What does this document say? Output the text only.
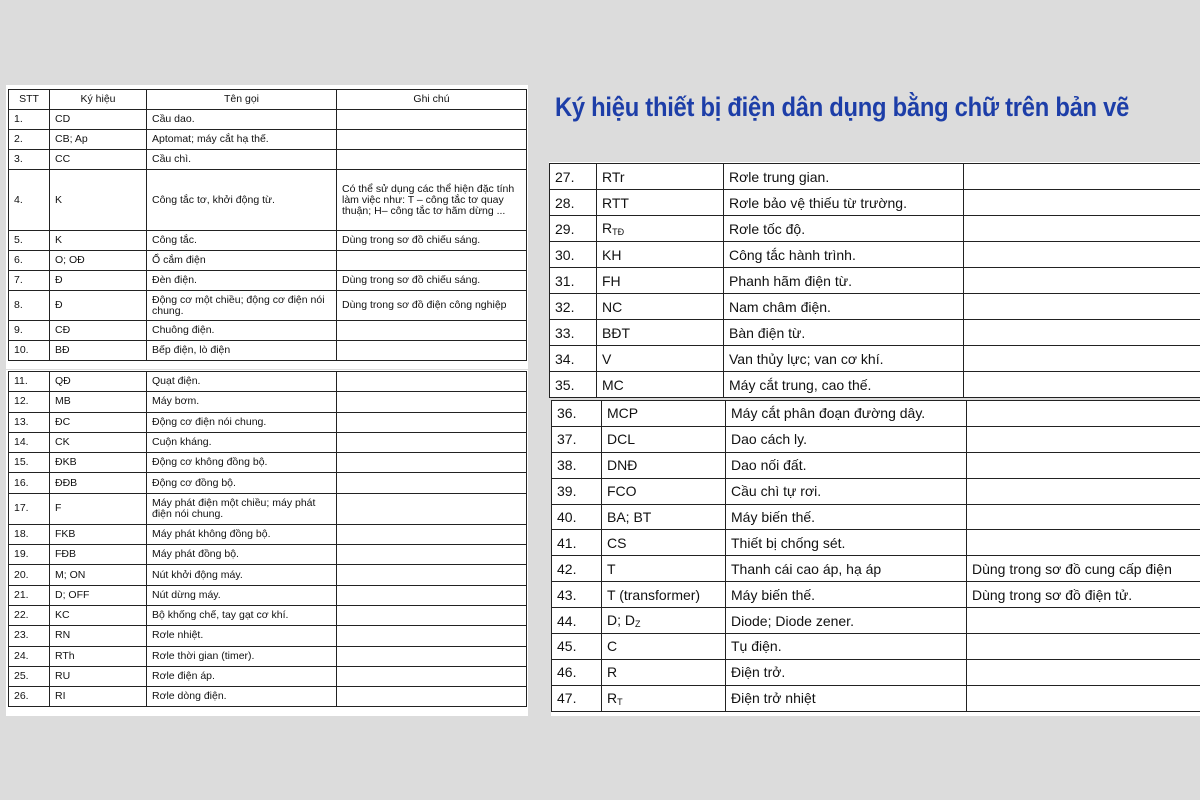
STT	Ký hiệu	Tên gọi	Ghi chú
1.	CD	Cầu dao.	
2.	CB; Ap	Aptomat; máy cắt hạ thế.	
3.	CC	Cầu chì.	
4.	K	Công tắc tơ, khởi động từ.	Có thể sử dụng các thể hiện đặc tính làm việc như: T – công tắc tơ quay thuận; H– công tắc tơ hãm dừng ...
5.	K	Công tắc.	Dùng trong sơ đồ chiếu sáng.
6.	O; OĐ	Ổ cắm điện	
7.	Đ	Đèn điện.	Dùng trong sơ đồ chiếu sáng.
8.	Đ	Động cơ một chiều; động cơ điện nói chung.	Dùng trong sơ đồ điện công nghiệp
9.	CĐ	Chuông điện.	
10.	BĐ	Bếp điện, lò điện	
11.	QĐ	Quạt điện.	
12.	MB	Máy bơm.	
13.	ĐC	Động cơ điện nói chung.	
14.	CK	Cuộn kháng.	
15.	ĐKB	Động cơ không đồng bộ.	
16.	ĐĐB	Động cơ đồng bộ.	
17.	F	Máy phát điện một chiều; máy phát điện nói chung.	
18.	FKB	Máy phát không đồng bộ.	
19.	FĐB	Máy phát đồng bộ.	
20.	M; ON	Nút khởi động máy.	
21.	D; OFF	Nút dừng máy.	
22.	KC	Bộ khống chế, tay gạt cơ khí.	
23.	RN	Rơle nhiệt.	
24.	RTh	Rơle thời gian (timer).	
25.	RU	Rơle điện áp.	
26.	RI	Rơle dòng điện.	
Ký hiệu thiết bị điện dân dụng bằng chữ trên bản vẽ
27.	RTr	Rơle trung gian.	
28.	RTT	Rơle bảo vệ thiếu từ trường.	
29.	$R_{TĐ}$	Rơle tốc độ.	
30.	KH	Công tắc hành trình.	
31.	FH	Phanh hãm điện từ.	
32.	NC	Nam châm điện.	
33.	BĐT	Bàn điện từ.	
34.	V	Van thủy lực; van cơ khí.	
35.	MC	Máy cắt trung, cao thế.	
36.	MCP	Máy cắt phân đoạn đường dây.	
37.	DCL	Dao cách ly.	
38.	DNĐ	Dao nối đất.	
39.	FCO	Cầu chì tự rơi.	
40.	BA; BT	Máy biến thế.	
41.	CS	Thiết bị chống sét.	
42.	T	Thanh cái cao áp, hạ áp	Dùng trong sơ đồ cung cấp điện
43.	T (transformer)	Máy biến thế.	Dùng trong sơ đồ điện tử.
44.	D; $D_Z$	Diode; Diode zener.	
45.	C	Tụ điện.	
46.	R	Điện trở.	
47.	$R_T$	Điện trở nhiệt	
